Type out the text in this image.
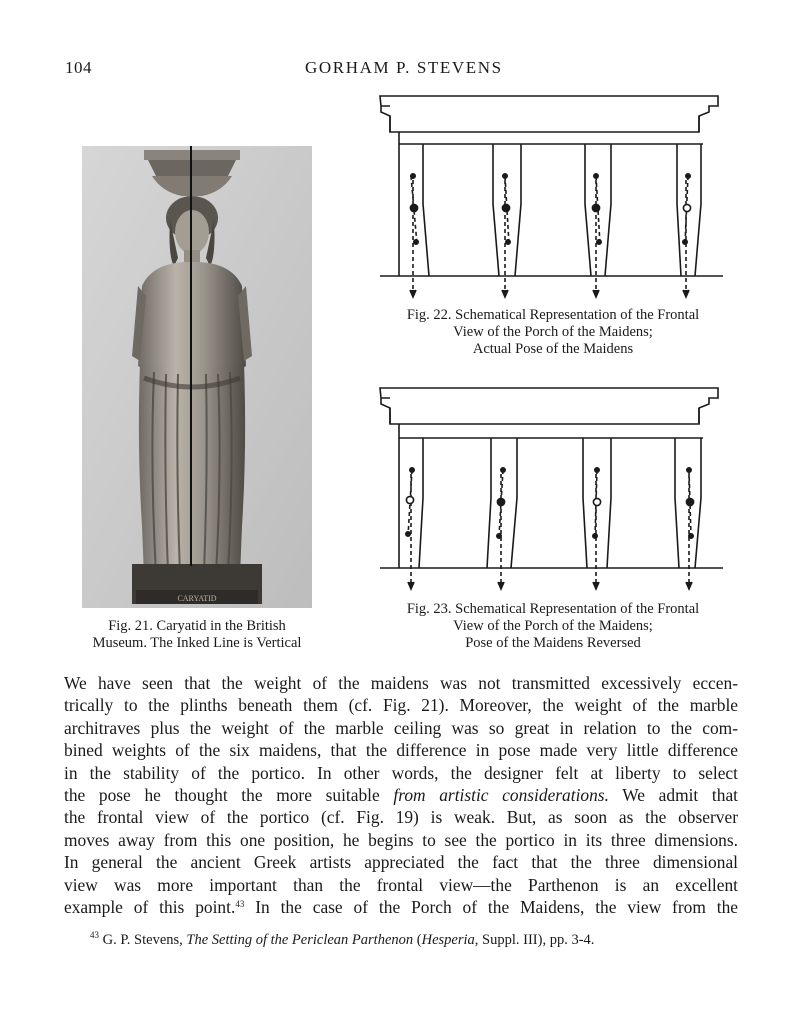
104	GORHAM P. STEVENS
CARYATID
Fig. 21. Caryatid in the British
Museum. The Inked Line is Vertical
Fig. 22. Schematical Representation of the Frontal
View of the Porch of the Maidens;
Actual Pose of the Maidens
Fig. 23. Schematical Representation of the Frontal
View of the Porch of the Maidens;
Pose of the Maidens Reversed
We have seen that the weight of the maidens was not transmitted excessively eccen-
trically to the plinths beneath them (cf. Fig. 21). Moreover, the weight of the marble
architraves plus the weight of the marble ceiling was so great in relation to the com-
bined weights of the six maidens, that the difference in pose made very little difference
in the stability of the portico. In other words, the designer felt at liberty to select
the pose he thought the more suitable from artistic considerations. We admit that
the frontal view of the portico (cf. Fig. 19) is weak. But, as soon as the observer
moves away from this one position, he begins to see the portico in its three dimensions.
In general the ancient Greek artists appreciated the fact that the three dimensional
view was more important than the frontal view—the Parthenon is an excellent
example of this point.$^{43}$ In the case of the Porch of the Maidens, the view from the
$^{43}$ G. P. Stevens, The Setting of the Periclean Parthenon (Hesperia, Suppl. III), pp. 3-4.
